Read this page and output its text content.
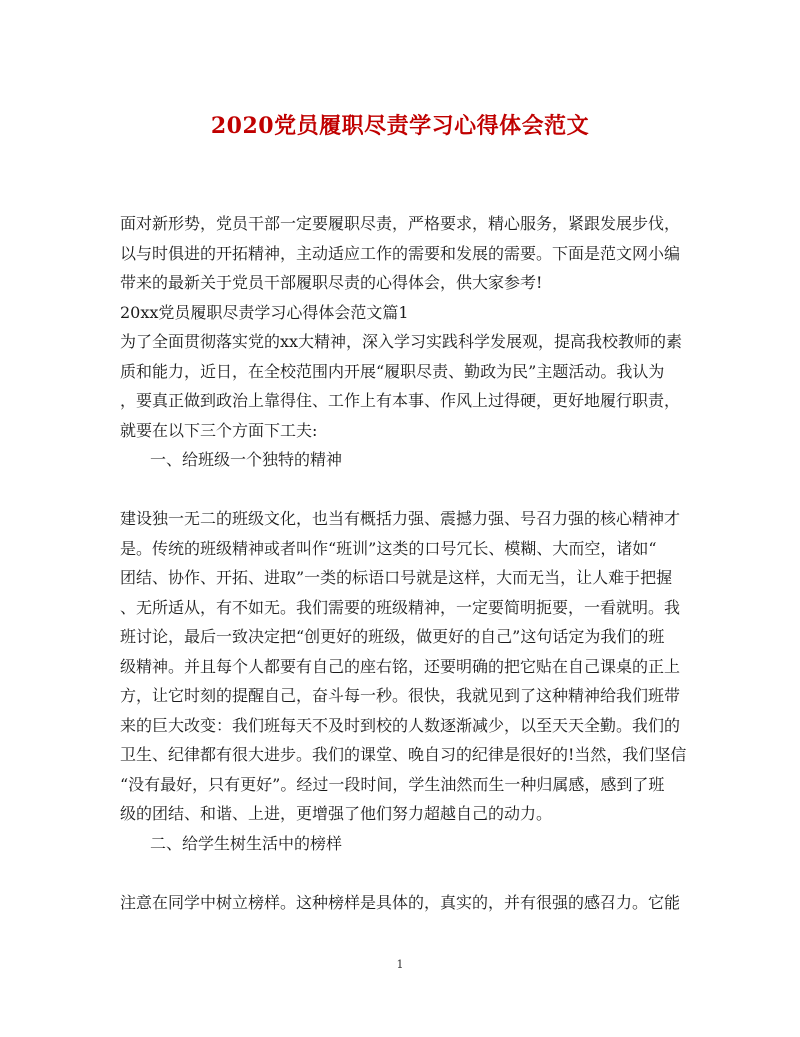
2020党员履职尽责学习心得体会范文
面对新形势，党员干部一定要履职尽责，严格要求，精心服务，紧跟发展步伐，
以与时俱进的开拓精神，主动适应工作的需要和发展的需要。下面是范文网小编
带来的最新关于党员干部履职尽责的心得体会，供大家参考!
20xx党员履职尽责学习心得体会范文篇1
为了全面贯彻落实党的xx大精神，深入学习实践科学发展观，提高我校教师的素
质和能力，近日，在全校范围内开展“履职尽责、勤政为民”主题活动。我认为
，要真正做到政治上靠得住、工作上有本事、作风上过得硬，更好地履行职责，
就要在以下三个方面下工夫:
一、给班级一个独特的精神
建设独一无二的班级文化，也当有概括力强、震撼力强、号召力强的核心精神才
是。传统的班级精神或者叫作“班训”这类的口号冗长、模糊、大而空，诸如“
团结、协作、开拓、进取”一类的标语口号就是这样，大而无当，让人难于把握
、无所适从，有不如无。我们需要的班级精神，一定要简明扼要，一看就明。我
班讨论，最后一致决定把“创更好的班级，做更好的自己”这句话定为我们的班
级精神。并且每个人都要有自己的座右铭，还要明确的把它贴在自己课桌的正上
方，让它时刻的提醒自己，奋斗每一秒。很快，我就见到了这种精神给我们班带
来的巨大改变：我们班每天不及时到校的人数逐渐减少，以至天天全勤。我们的
卫生、纪律都有很大进步。我们的课堂、晚自习的纪律是很好的!当然，我们坚信
“没有最好，只有更好”。经过一段时间，学生油然而生一种归属感，感到了班
级的团结、和谐、上进，更增强了他们努力超越自己的动力。
二、给学生树生活中的榜样
注意在同学中树立榜样。这种榜样是具体的，真实的，并有很强的感召力。它能
1
